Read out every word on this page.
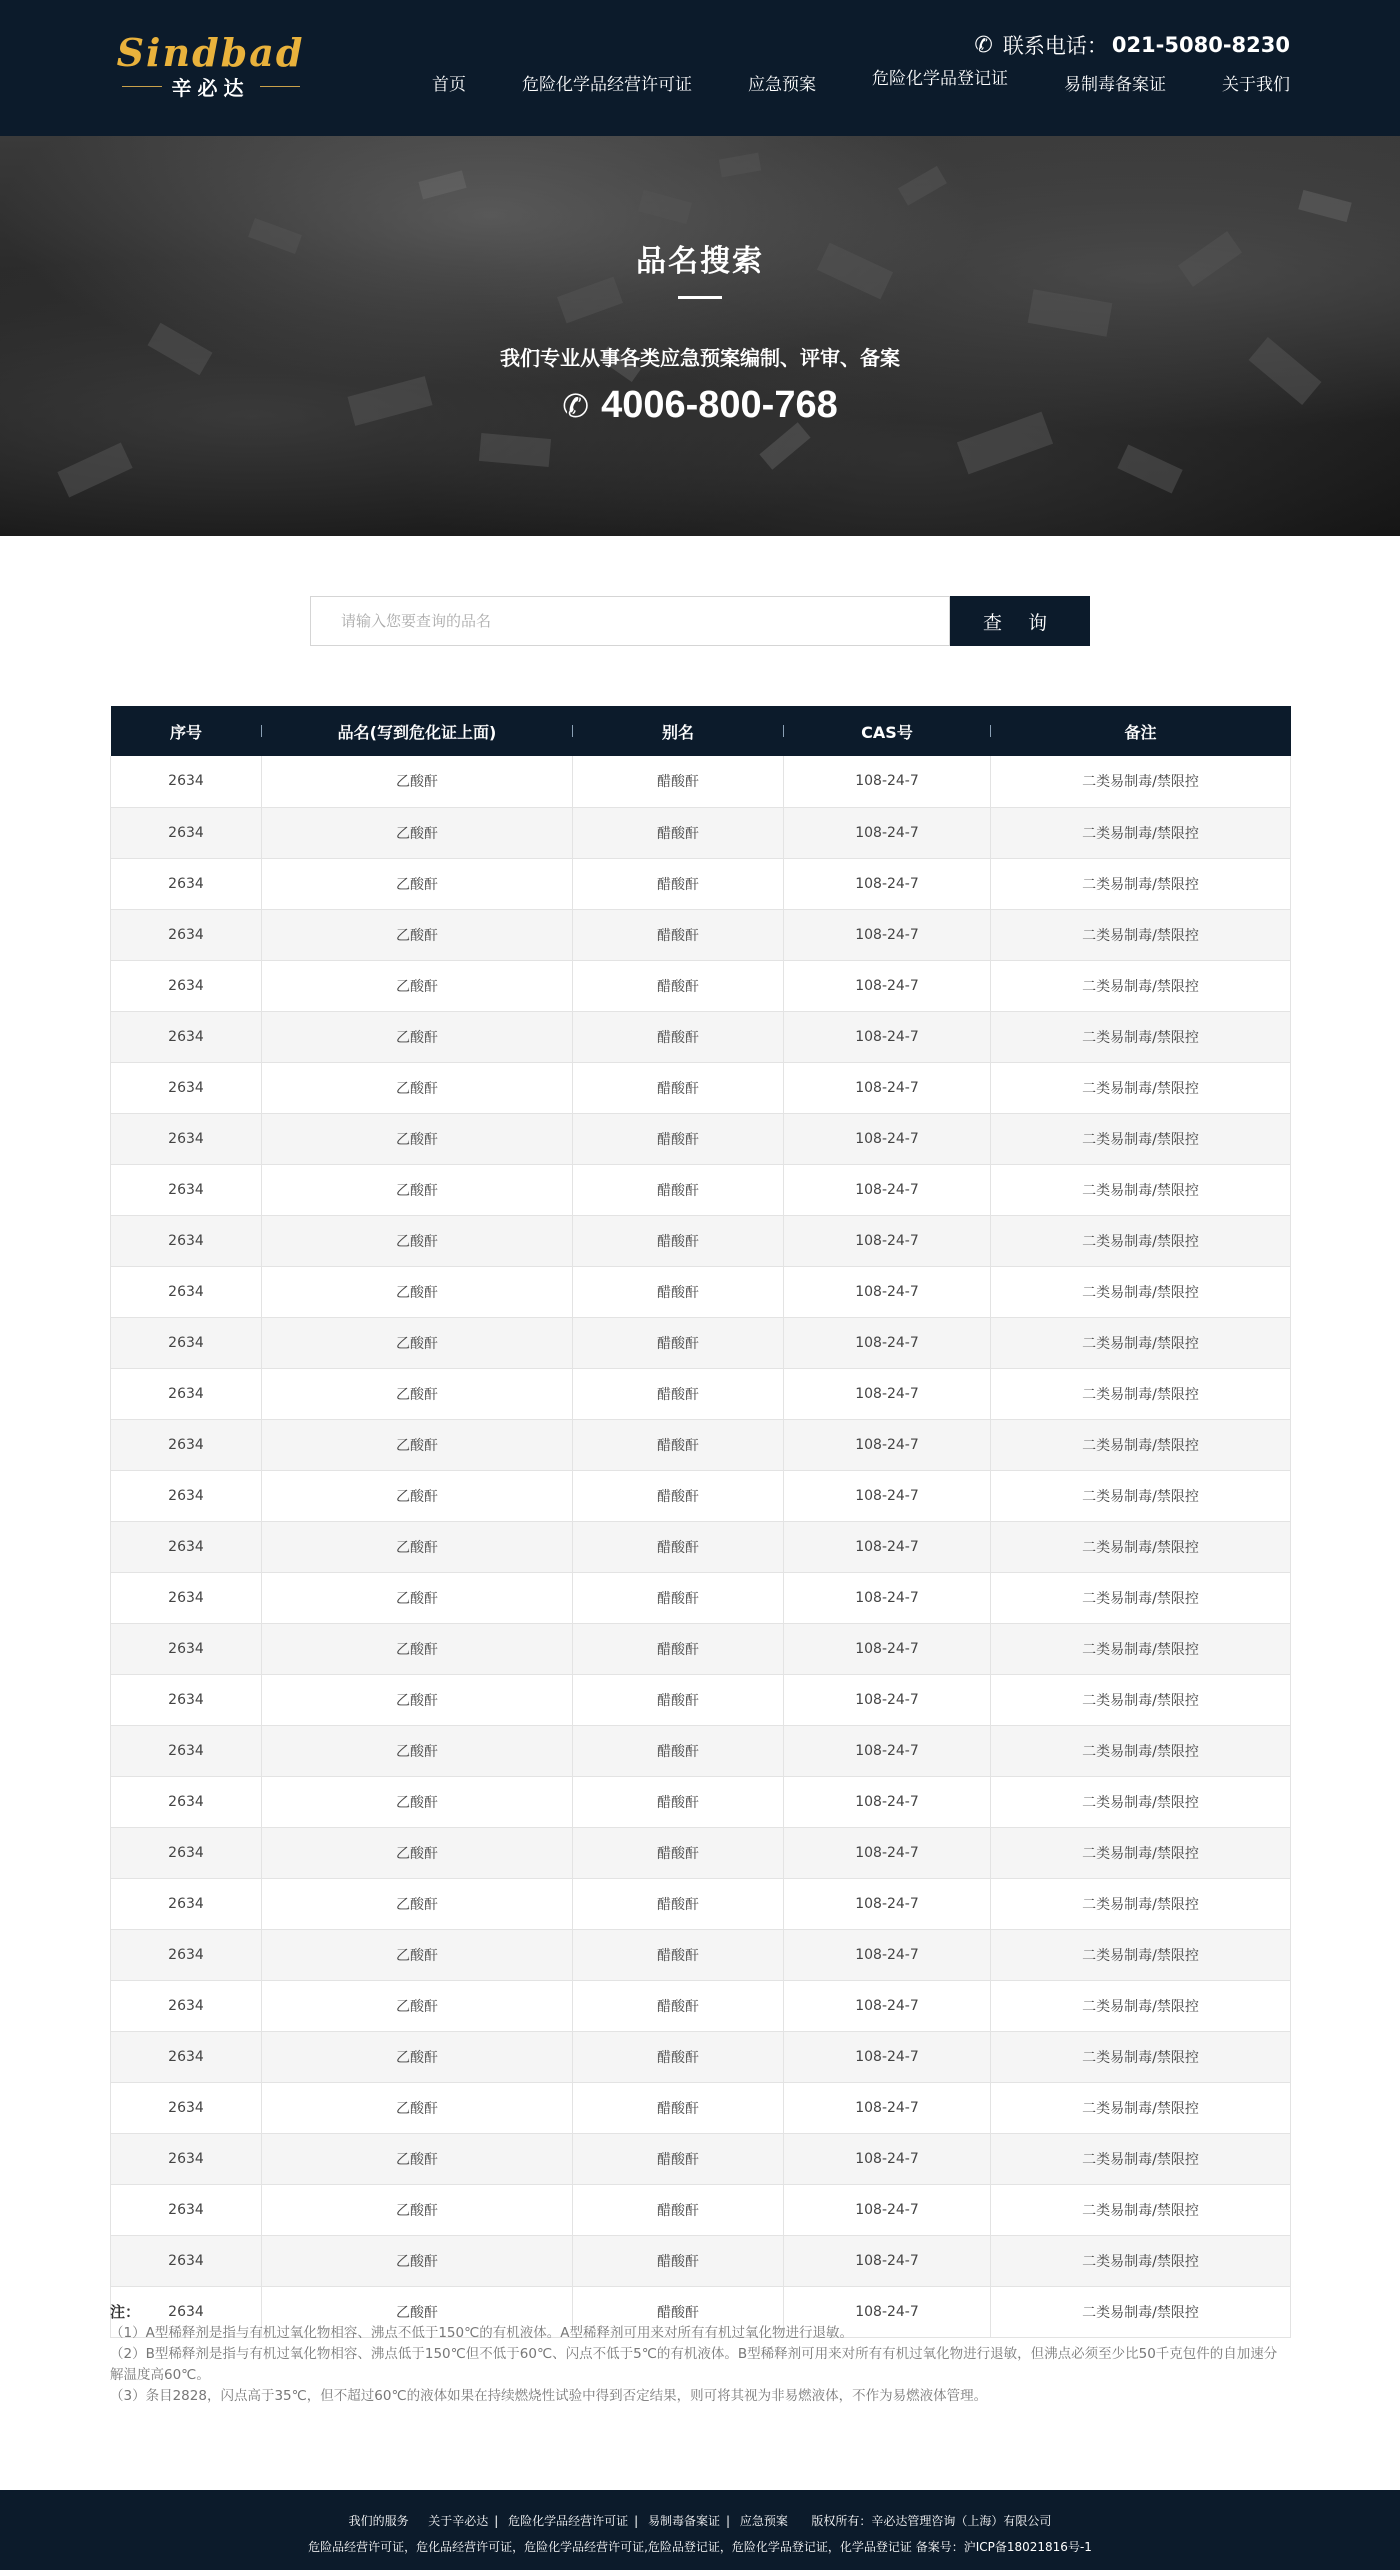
Sindbad
辛必达
✆ 联系电话： 021-5080-8230
首页	危险化学品经营许可证	应急预案	危险化学品登记证	易制毒备案证	关于我们
品名搜索
我们专业从事各类应急预案编制、评审、备案
✆ 4006-800-768
请输入您要查询的品名
查 询
序号	品名(写到危化证上面)	别名	CAS号	备注
2634	乙酸酐	醋酸酐	108-24-7	二类易制毒/禁限控
2634	乙酸酐	醋酸酐	108-24-7	二类易制毒/禁限控
2634	乙酸酐	醋酸酐	108-24-7	二类易制毒/禁限控
2634	乙酸酐	醋酸酐	108-24-7	二类易制毒/禁限控
2634	乙酸酐	醋酸酐	108-24-7	二类易制毒/禁限控
2634	乙酸酐	醋酸酐	108-24-7	二类易制毒/禁限控
2634	乙酸酐	醋酸酐	108-24-7	二类易制毒/禁限控
2634	乙酸酐	醋酸酐	108-24-7	二类易制毒/禁限控
2634	乙酸酐	醋酸酐	108-24-7	二类易制毒/禁限控
2634	乙酸酐	醋酸酐	108-24-7	二类易制毒/禁限控
2634	乙酸酐	醋酸酐	108-24-7	二类易制毒/禁限控
2634	乙酸酐	醋酸酐	108-24-7	二类易制毒/禁限控
2634	乙酸酐	醋酸酐	108-24-7	二类易制毒/禁限控
2634	乙酸酐	醋酸酐	108-24-7	二类易制毒/禁限控
2634	乙酸酐	醋酸酐	108-24-7	二类易制毒/禁限控
2634	乙酸酐	醋酸酐	108-24-7	二类易制毒/禁限控
2634	乙酸酐	醋酸酐	108-24-7	二类易制毒/禁限控
2634	乙酸酐	醋酸酐	108-24-7	二类易制毒/禁限控
2634	乙酸酐	醋酸酐	108-24-7	二类易制毒/禁限控
2634	乙酸酐	醋酸酐	108-24-7	二类易制毒/禁限控
2634	乙酸酐	醋酸酐	108-24-7	二类易制毒/禁限控
2634	乙酸酐	醋酸酐	108-24-7	二类易制毒/禁限控
2634	乙酸酐	醋酸酐	108-24-7	二类易制毒/禁限控
2634	乙酸酐	醋酸酐	108-24-7	二类易制毒/禁限控
2634	乙酸酐	醋酸酐	108-24-7	二类易制毒/禁限控
2634	乙酸酐	醋酸酐	108-24-7	二类易制毒/禁限控
2634	乙酸酐	醋酸酐	108-24-7	二类易制毒/禁限控
2634	乙酸酐	醋酸酐	108-24-7	二类易制毒/禁限控
2634	乙酸酐	醋酸酐	108-24-7	二类易制毒/禁限控
2634	乙酸酐	醋酸酐	108-24-7	二类易制毒/禁限控
2634	乙酸酐	醋酸酐	108-24-7	二类易制毒/禁限控
注：
（1）A型稀释剂是指与有机过氧化物相容、沸点不低于150℃的有机液体。A型稀释剂可用来对所有有机过氧化物进行退敏。
（2）B型稀释剂是指与有机过氧化物相容、沸点低于150℃但不低于60℃、闪点不低于5℃的有机液体。B型稀释剂可用来对所有有机过氧化物进行退敏，但沸点必须至少比50千克包件的自加速分解温度高60℃。
（3）条目2828，闪点高于35℃，但不超过60℃的液体如果在持续燃烧性试验中得到否定结果，则可将其视为非易燃液体，不作为易燃液体管理。
我们的服务 关于辛必达 | 危险化学品经营许可证 | 易制毒备案证 | 应急预案 版权所有：辛必达管理咨询（上海）有限公司
危险品经营许可证，危化品经营许可证，危险化学品经营许可证,危险品登记证，危险化学品登记证，化学品登记证 备案号：沪ICP备18021816号-1
